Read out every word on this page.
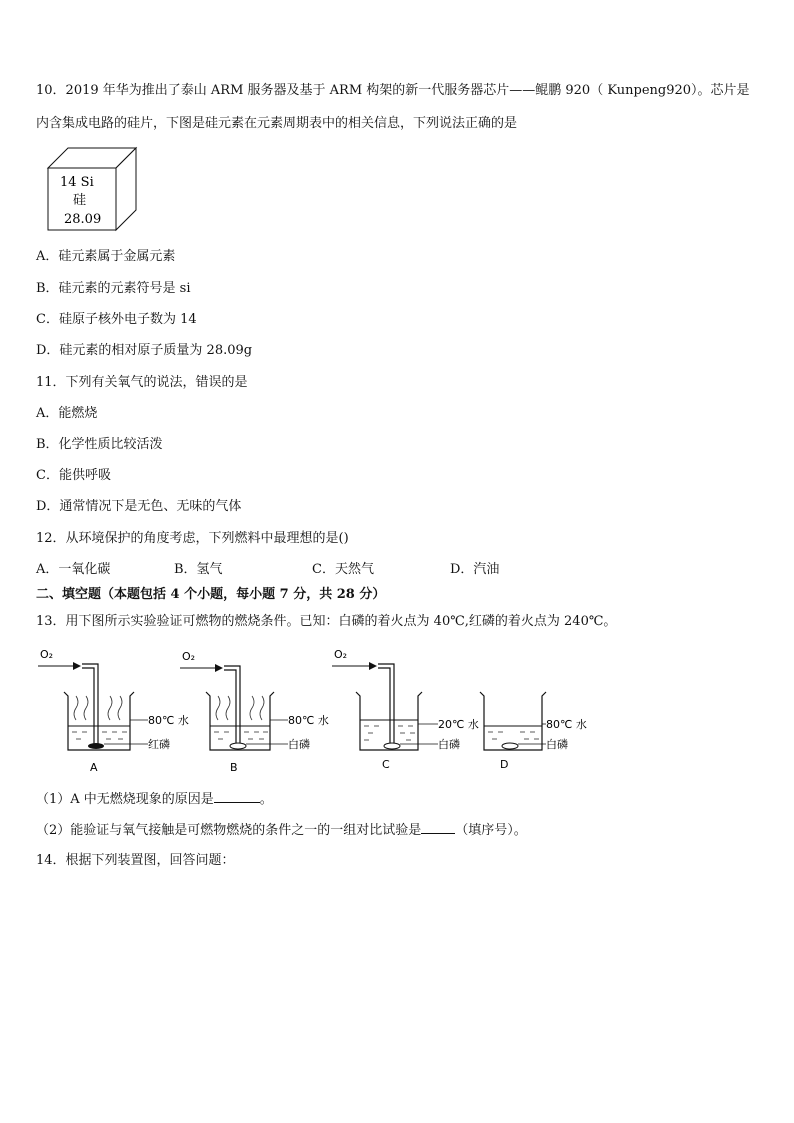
10．2019 年华为推出了泰山 ARM 服务器及基于 ARM 构架的新一代服务器芯片——鲲鹏 920（ Kunpeng920）。芯片是
内含集成电路的硅片，下图是硅元素在元素周期表中的相关信息，下列说法正确的是
14 Si
硅
28.09
A．硅元素属于金属元素
B．硅元素的元素符号是 si
C．硅原子核外电子数为 14
D．硅元素的相对原子质量为 28.09g
11．下列有关氧气的说法，错误的是
A．能燃烧
B．化学性质比较活泼
C．能供呼吸
D．通常情况下是无色、无味的气体
12．从环境保护的角度考虑，下列燃料中最理想的是()
A．一氧化碳	B．氢气	C．天然气	D．汽油
二、填空题（本题包括 4 个小题，每小题 7 分，共 28 分）
13．用下图所示实验验证可燃物的燃烧条件。已知：白磷的着火点为 40℃,红磷的着火点为 240℃。
O₂
80℃ 水
红磷
A
O₂
80℃ 水
白磷
B
O₂
20℃ 水
白磷
C
80℃ 水
白磷
D
（1）A 中无燃烧现象的原因是	。
（2）能验证与氧气接触是可燃物燃烧的条件之一的一组对比试验是	（填序号）。
14．根据下列装置图，回答问题：
